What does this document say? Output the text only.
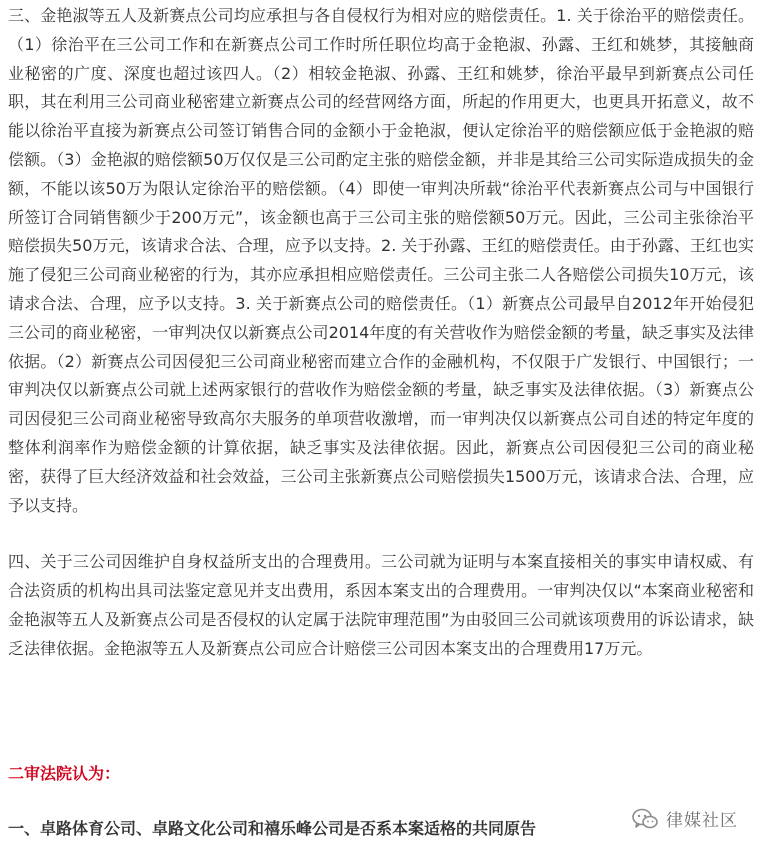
三、金艳淑等五人及新赛点公司均应承担与各自侵权行为相对应的赔偿责任。1. 关于徐治平的赔偿责任。（1）徐治平在三公司工作和在新赛点公司工作时所任职位均高于金艳淑、孙露、王红和姚梦，其接触商业秘密的广度、深度也超过该四人。（2）相较金艳淑、孙露、王红和姚梦，徐治平最早到新赛点公司任职，其在利用三公司商业秘密建立新赛点公司的经营网络方面，所起的作用更大，也更具开拓意义，故不能以徐治平直接为新赛点公司签订销售合同的金额小于金艳淑，便认定徐治平的赔偿额应低于金艳淑的赔偿额。（3）金艳淑的赔偿额50万仅仅是三公司酌定主张的赔偿金额，并非是其给三公司实际造成损失的金额，不能以该50万为限认定徐治平的赔偿额。（4）即使一审判决所载“徐治平代表新赛点公司与中国银行所签订合同销售额少于200万元”，该金额也高于三公司主张的赔偿额50万元。因此，三公司主张徐治平赔偿损失50万元，该请求合法、合理，应予以支持。2. 关于孙露、王红的赔偿责任。由于孙露、王红也实施了侵犯三公司商业秘密的行为，其亦应承担相应赔偿责任。三公司主张二人各赔偿公司损失10万元，该请求合法、合理，应予以支持。3. 关于新赛点公司的赔偿责任。（1）新赛点公司最早自2012年开始侵犯三公司的商业秘密，一审判决仅以新赛点公司2014年度的有关营收作为赔偿金额的考量，缺乏事实及法律依据。（2）新赛点公司因侵犯三公司商业秘密而建立合作的金融机构，不仅限于广发银行、中国银行；一审判决仅以新赛点公司就上述两家银行的营收作为赔偿金额的考量，缺乏事实及法律依据。（3）新赛点公司因侵犯三公司商业秘密导致高尔夫服务的单项营收激增，而一审判决仅以新赛点公司自述的特定年度的整体利润率作为赔偿金额的计算依据，缺乏事实及法律依据。因此，新赛点公司因侵犯三公司的商业秘密，获得了巨大经济效益和社会效益，三公司主张新赛点公司赔偿损失1500万元，该请求合法、合理，应予以支持。

四、关于三公司因维护自身权益所支出的合理费用。三公司就为证明与本案直接相关的事实申请权威、有合法资质的机构出具司法鉴定意见并支出费用，系因本案支出的合理费用。一审判决仅以“本案商业秘密和金艳淑等五人及新赛点公司是否侵权的认定属于法院审理范围”为由驳回三公司就该项费用的诉讼请求，缺乏法律依据。金艳淑等五人及新赛点公司应合计赔偿三公司因本案支出的合理费用17万元。

二审法院认为：

一、卓路体育公司、卓路文化公司和禧乐峰公司是否系本案适格的共同原告	律媒社区
